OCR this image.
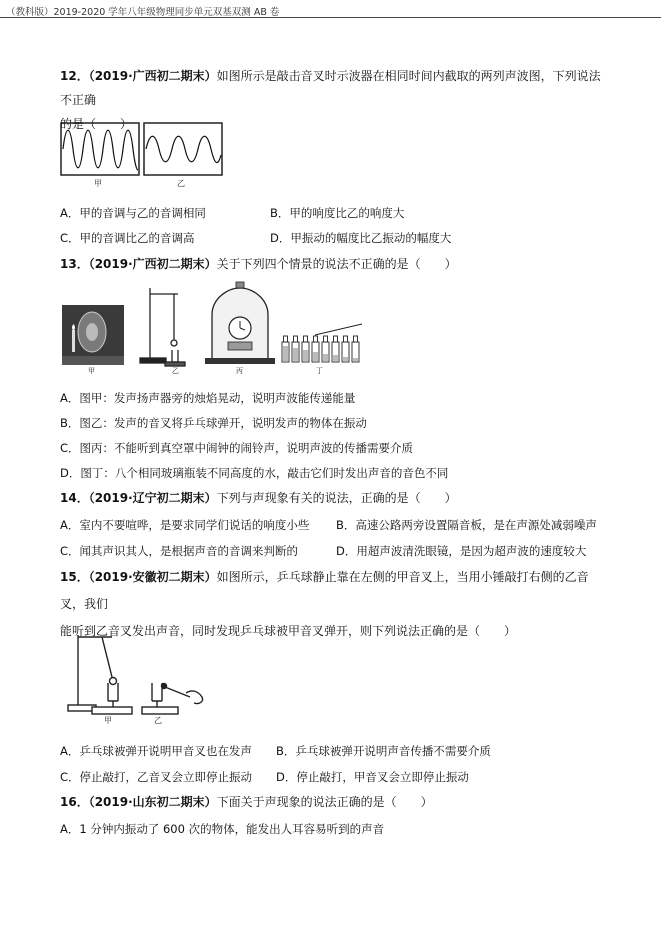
（教科版）2019-2020 学年八年级物理同步单元双基双测 AB 卷
12．（2019·广西初二期末）如图所示是敲击音叉时示波器在相同时间内截取的两列声波图，下列说法不正确
的是（　　）
甲	乙
A．甲的音调与乙的音调相同	B．甲的响度比乙的响度大
C．甲的音调比乙的音调高	D．甲振动的幅度比乙振动的幅度大
13．（2019·广西初二期末）关于下列四个情景的说法不正确的是（　　）
甲	乙	丙	丁
A．图甲：发声扬声器旁的烛焰晃动，说明声波能传递能量
B．图乙：发声的音叉将乒乓球弹开，说明发声的物体在振动
C．图丙：不能听到真空罩中闹钟的闹铃声，说明声波的传播需要介质
D．图丁：八个相同玻璃瓶装不同高度的水，敲击它们时发出声音的音色不同
14．（2019·辽宁初二期末）下列与声现象有关的说法，正确的是（　　）
A．室内不要喧哗，是要求同学们说话的响度小些 B．高速公路两旁设置隔音板，是在声源处减弱噪声
C．闻其声识其人，是根据声音的音调来判断的	D．用超声波清洗眼镜，是因为超声波的速度较大
15．（2019·安徽初二期末）如图所示，乒乓球静止靠在左侧的甲音叉上，当用小锤敲打右侧的乙音叉，我们
能听到乙音叉发出声音，同时发现乒乓球被甲音叉弹开，则下列说法正确的是（　　）
甲	乙
A．乒乓球被弹开说明甲音叉也在发声 B．乒乓球被弹开说明声音传播不需要介质
C．停止敲打，乙音叉会立即停止振动 D．停止敲打，甲音叉会立即停止振动
16．（2019·山东初二期末）下面关于声现象的说法正确的是（　　）
A．1 分钟内振动了 600 次的物体，能发出人耳容易听到的声音
